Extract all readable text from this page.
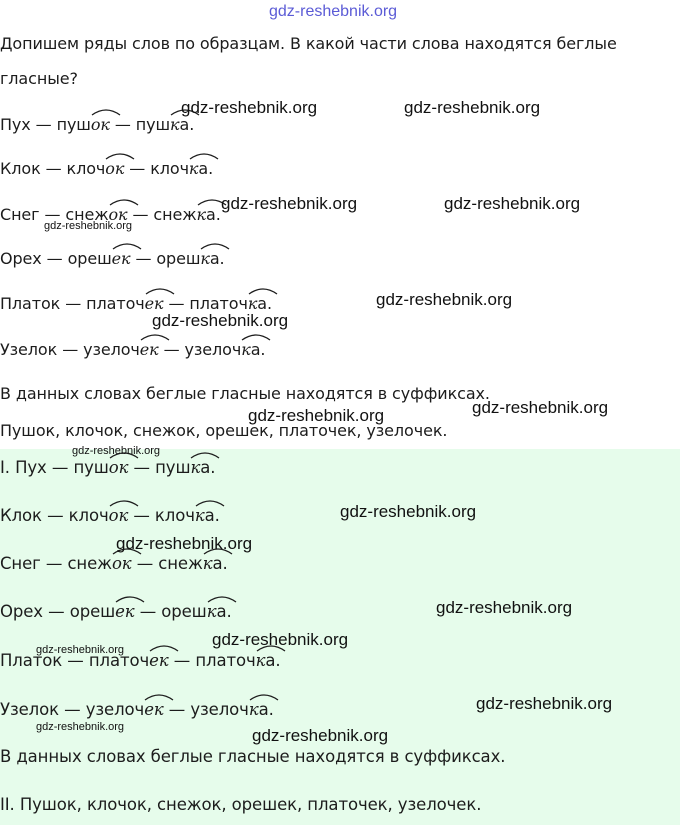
Допишем ряды слов по образцам. В какой части слова находятся беглые
гласные?
Пух — пуш
ок — пуш
ка.
Клок — клоч
ок — клоч
ка.
Снег — снеж
ок — снеж
ка.
Орех — ореш
ек — ореш
ка.
Платок — платоч
ек — платоч
ка.
Узелок — узелоч
ек — узелоч
ка.
В данных словах беглые гласные находятся в суффиксах.
Пушок, клочок, снежок, орешек, платочек, узелочек.
I. Пух — пуш
ок — пуш
ка.
Клок — клоч
ок — клоч
ка.
Снег — снеж
ок — снеж
ка.
Орех — ореш
ек — ореш
ка.
Платок — платоч
ек — платоч
ка.
Узелок — узелоч
ек — узелоч
ка.
В данных словах беглые гласные находятся в суффиксах.
II. Пушок, клочок, снежок, орешек, платочек, узелочек.
gdz-reshebnik.org
gdz-reshebnik.org	gdz-reshebnik.org
gdz-reshebnik.org	gdz-reshebnik.org
gdz-reshebnik.org
gdz-reshebnik.org
gdz-reshebnik.org
gdz-reshebnik.org	gdz-reshebnik.org
gdz-reshebnik.org
gdz-reshebnik.org
gdz-reshebnik.org
gdz-reshebnik.org
gdz-reshebnik.org
gdz-reshebnik.org
gdz-reshebnik.org
gdz-reshebnik.org	gdz-reshebnik.org
